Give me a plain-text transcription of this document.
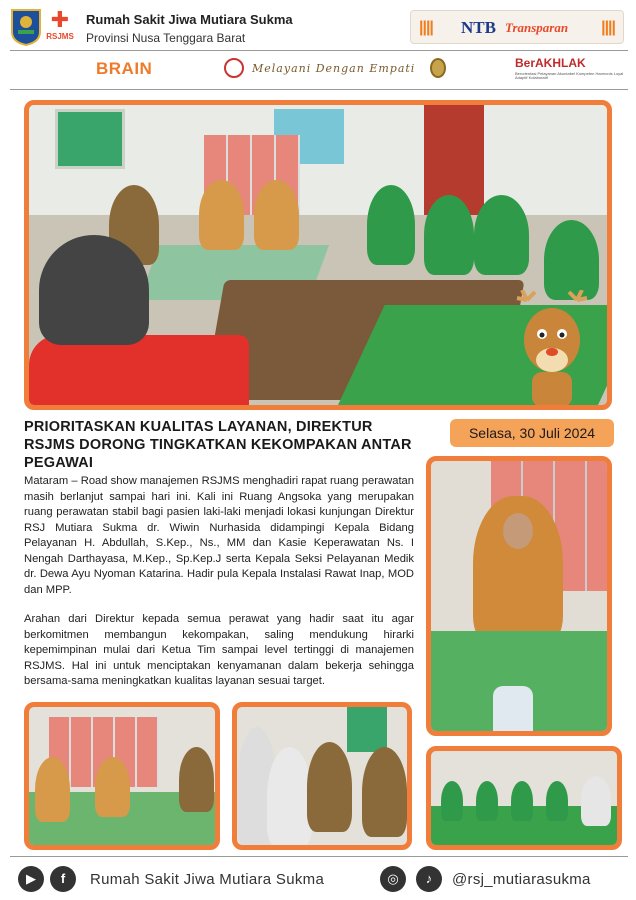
✚
RSJMS
Rumah Sakit Jiwa Mutiara Sukma
Provinsi Nusa Tenggara Barat
|||| NTB Transparan ||||
BRAIN	Melayani Dengan Empati	BerAKHLAK
Berorientasi Pelayanan Akuntabel Kompeten Harmonis Loyal Adaptif Kolaboratif
PRIORITASKAN KUALITAS LAYANAN, DIREKTUR RSJMS DORONG TINGKATKAN KEKOMPAKAN ANTAR PEGAWAI
Selasa, 30 Juli 2024

Mataram – Road show manajemen RSJMS menghadiri rapat ruang perawatan masih berlanjut sampai hari ini. Kali ini Ruang Angsoka yang merupakan ruang perawatan stabil bagi pasien laki-laki menjadi lokasi kunjungan Direktur RSJ Mutiara Sukma dr. Wiwin Nurhasida didampingi Kepala Bidang Pelayanan H. Abdullah, S.Kep., Ns., MM dan Kasie Keperawatan Ns. I Nengah Darthayasa, M.Kep., Sp.Kep.J serta Kepala Seksi Pelayanan Medik dr. Dewa Ayu Nyoman Katarina. Hadir pula Kepala Instalasi Rawat Inap, MOD dan MPP.

Arahan dari Direktur kepada semua perawat yang hadir saat itu agar berkomitmen membangun kekompakan, saling mendukung hirarki kepemimpinan mulai dari Ketua Tim sampai level tertinggi di manajemen RSJMS. Hal ini untuk menciptakan kenyamanan dalam bekerja sehingga bersama-sama meningkatkan kualitas layanan sesuai target.

▶	f	Rumah Sakit Jiwa Mutiara Sukma	◎	♪	@rsj_mutiarasukma
